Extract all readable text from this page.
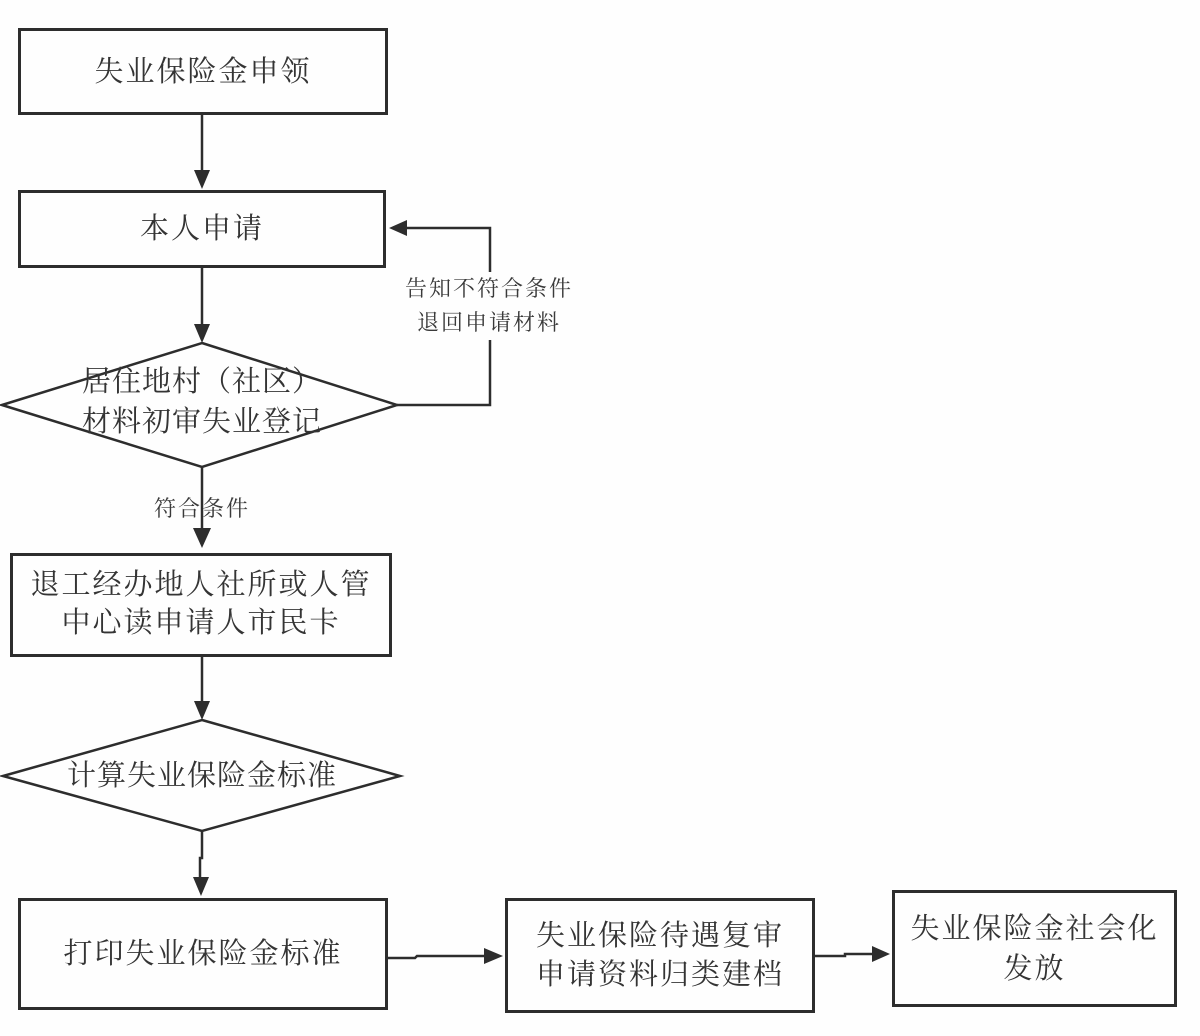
失业保险金申领
本人申请
退工经办地人社所或人管
中心读申请人市民卡
打印失业保险金标准
失业保险待遇复审
申请资料归类建档
失业保险金社会化
发放
居住地村（社区）
材料初审失业登记
计算失业保险金标准
告知不符合条件
退回申请材料
符合条件
